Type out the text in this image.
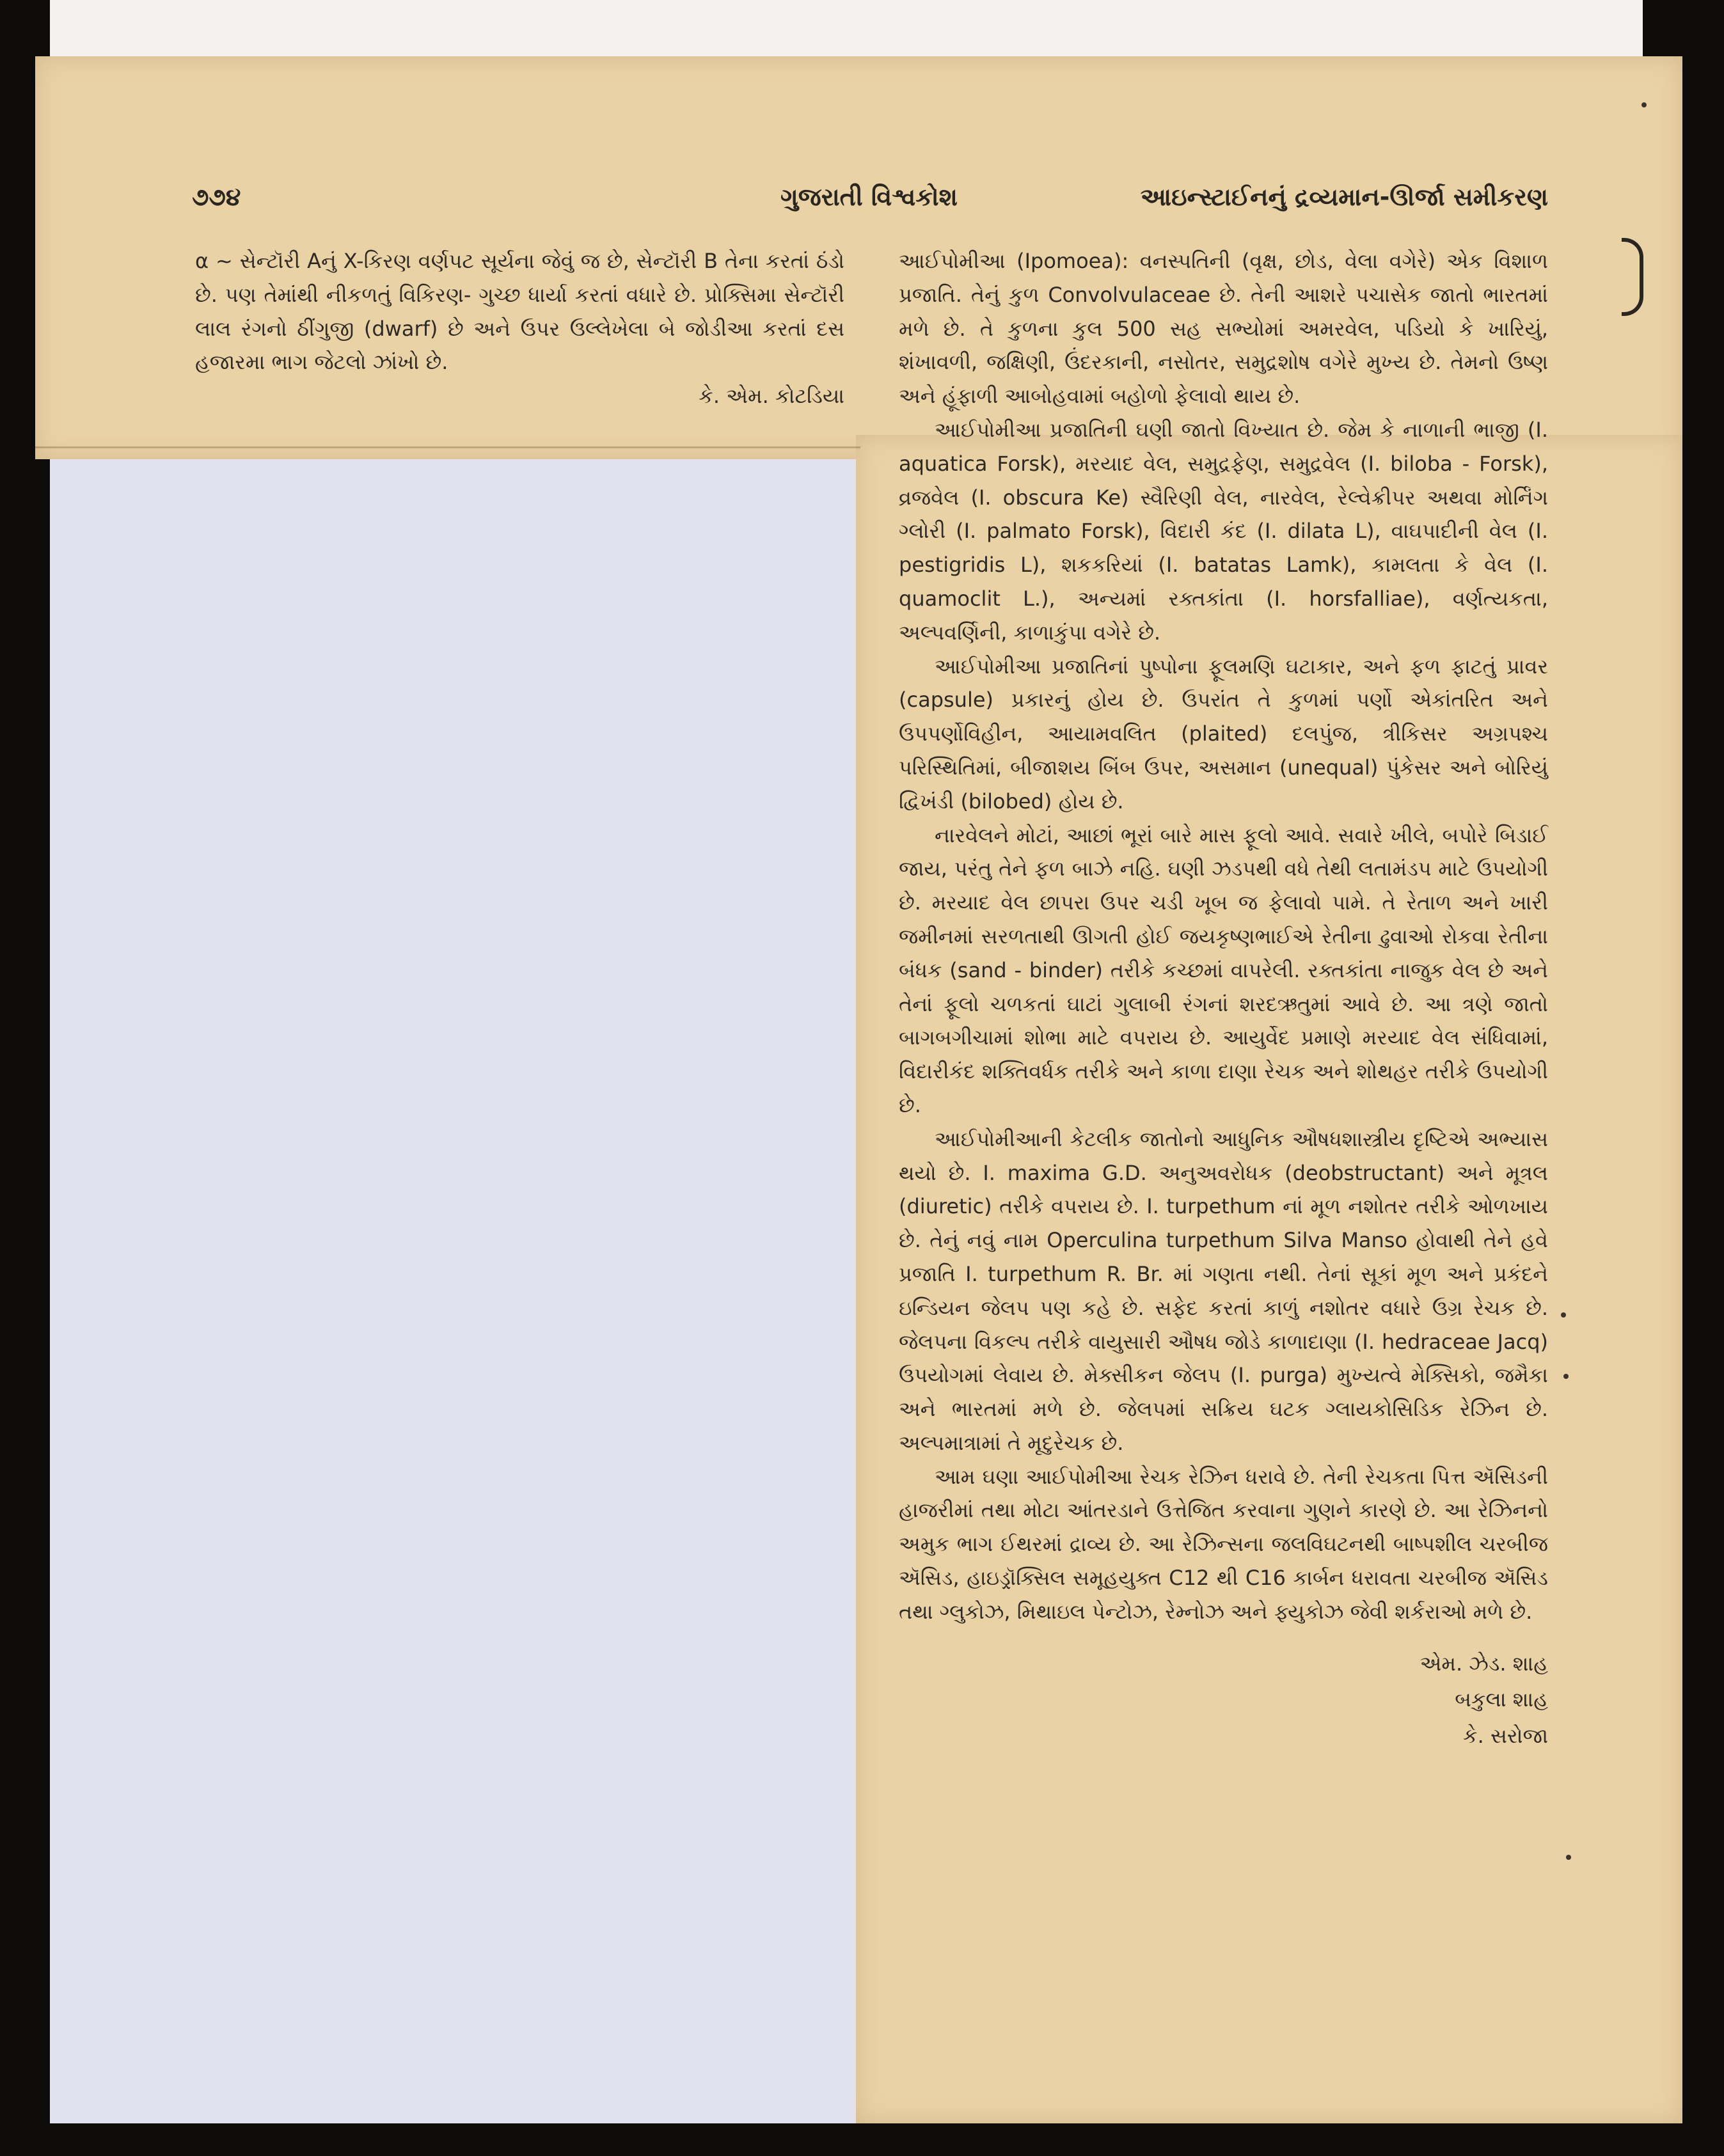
૭૭૪	ગુજરાતી વિશ્વકોશ	આઇન્સ્ટાઈનનું દ્રવ્યમાન-ઊર્જા સમીકરણ

α ∼ સેન્ટૉરી Aનું X-કિરણ વર્ણપટ સૂર્યના જેવું જ છે, સેન્ટૉરી B તેના કરતાં ઠંડો છે. પણ તેમાંથી નીકળતું વિકિરણ- ગુચ્છ ધાર્યા કરતાં વધારે છે. પ્રોક્સિમા સેન્ટૉરી લાલ રંગનો ઠીંગુજી (dwarf) છે અને ઉપર ઉલ્લેખેલા બે જોડીઆ કરતાં દસ હજારમા ભાગ જેટલો ઝાંખો છે.

કે. એમ. કોટડિયા

આઈપોમીઆ (Ipomoea): વનસ્પતિની (વૃક્ષ, છોડ, વેલા વગેરે) એક વિશાળ પ્રજાતિ. તેનું કુળ Convolvulaceae છે. તેની આશરે પચાસેક જાતો ભારતમાં મળે છે. તે કુળના કુલ 500 સહ સભ્યોમાં અમરવેલ, પડિયો કે ખારિયું, શંખાવળી, જક્ષિણી, ઉંદરકાની, નસોતર, સમુદ્રશોષ વગેરે મુખ્ય છે. તેમનો ઉષ્ણ અને હૂંફાળી આબોહવામાં બહોળો ફેલાવો થાય છે.

આઈપોમીઆ પ્રજાતિની ઘણી જાતો વિખ્યાત છે. જેમ કે નાળાની ભાજી (I. aquatica Forsk), મરયાદ વેલ, સમુદ્રફેણ, સમુદ્રવેલ (I. biloba - Forsk), વ્રજવેલ (I. obscura Ke) સ્વૈરિણી વેલ, નારવેલ, રેલ્વેક્રીપર અથવા મોર્નિંગ ગ્લોરી (I. palmato Forsk), વિદારી કંદ (I. dilata L), વાઘપાદીની વેલ (I. pestigridis L), શકકરિયાં (I. batatas Lamk), કામલતા કે વેલ (I. quamoclit L.), અન્યમાં રક્તકાંતા (I. horsfalliae), વર્ણત્યકતા, અલ્પવર્ણિની, કાળાકુંપા વગેરે છે.

આઈપોમીઆ પ્રજાતિનાં પુષ્પોના ફૂલમણિ ઘટાકાર, અને ફળ ફાટતું પ્રાવર (capsule) પ્રકારનું હોય છે. ઉપરાંત તે કુળમાં પર્ણો એકાંતરિત અને ઉપપર્ણોવિહીન, આયામવલિત (plaited) દલપુંજ, ત્રીકિસર અગ્રપશ્ચ પરિસ્થિતિમાં, બીજાશય બિંબ ઉપર, અસમાન (unequal) પુંકેસર અને બોરિયું દ્વિખંડી (bilobed) હોય છે.

નારવેલને મોટાં, આછાં ભૂરાં બારે માસ ફૂલો આવે. સવારે ખીલે, બપોરે બિડાઈ જાય, પરંતુ તેને ફળ બાઝે નહિ. ઘણી ઝડપથી વધે તેથી લતામંડપ માટે ઉપયોગી છે. મરયાદ વેલ છાપરા ઉપર ચડી ખૂબ જ ફેલાવો પામે. તે રેતાળ અને ખારી જમીનમાં સરળતાથી ઊગતી હોઈ જયકૃષ્ણભાઈએ રેતીના ઢુવાઓ રોકવા રેતીના બંધક (sand - binder) તરીકે કચ્છમાં વાપરેલી. રક્તકાંતા નાજુક વેલ છે અને તેનાં ફૂલો ચળકતાં ઘાટાં ગુલાબી રંગનાં શરદઋતુમાં આવે છે. આ ત્રણે જાતો બાગબગીચામાં શોભા માટે વપરાય છે. આયુર્વેદ પ્રમાણે મરયાદ વેલ સંધિવામાં, વિદારીકંદ શક્તિવર્ધક તરીકે અને કાળા દાણા રેચક અને શોથહર તરીકે ઉપયોગી છે.

આઈપોમીઆની કેટલીક જાતોનો આધુનિક ઔષધશાસ્ત્રીય દૃષ્ટિએ અભ્યાસ થયો છે. I. maxima G.D. અનુઅવરોધક (deobstructant) અને મૂત્રલ (diuretic) તરીકે વપરાય છે. I. turpethum નાં મૂળ નશોતર તરીકે ઓળખાય છે. તેનું નવું નામ Operculina turpethum Silva Manso હોવાથી તેને હવે પ્રજાતિ I. turpethum R. Br. માં ગણતા નથી. તેનાં સૂકાં મૂળ અને પ્રકંદને ઇન્ડિયન જેલપ પણ કહે છે. સફેદ કરતાં કાળું નશોતર વધારે ઉગ્ર રેચક છે. જેલપના વિકલ્પ તરીકે વાયુસારી ઔષધ જોડે કાળાદાણા (I. hedraceae Jacq) ઉપયોગમાં લેવાય છે. મેક્સીકન જેલપ (I. purga) મુખ્યત્વે મેક્સિકો, જમૈકા અને ભારતમાં મળે છે. જેલપમાં સક્રિય ઘટક ગ્લાયકોસિડિક રેઝિન છે. અલ્પમાત્રામાં તે મૃદુરેચક છે.

આમ ઘણા આઈપોમીઆ રેચક રેઝિન ધરાવે છે. તેની રેચકતા પિત્ત ઍસિડની હાજરીમાં તથા મોટા આંતરડાને ઉત્તેજિત કરવાના ગુણને કારણે છે. આ રેઝિનનો અમુક ભાગ ઈથરમાં દ્રાવ્ય છે. આ રેઝિન્સના જલવિઘટનથી બાષ્પશીલ ચરબીજ ઍસિડ, હાઇડ્રૉક્સિલ સમૂહયુક્ત C12 થી C16 કાર્બન ધરાવતા ચરબીજ ઍસિડ તથા ગ્લુકોઝ, મિથાઇલ પેન્ટોઝ, રેમ્નોઝ અને ફ્યુકોઝ જેવી શર્કરાઓ મળે છે.

એમ. ઝેડ. શાહ
બકુલા શાહ
કે. સરોજા
